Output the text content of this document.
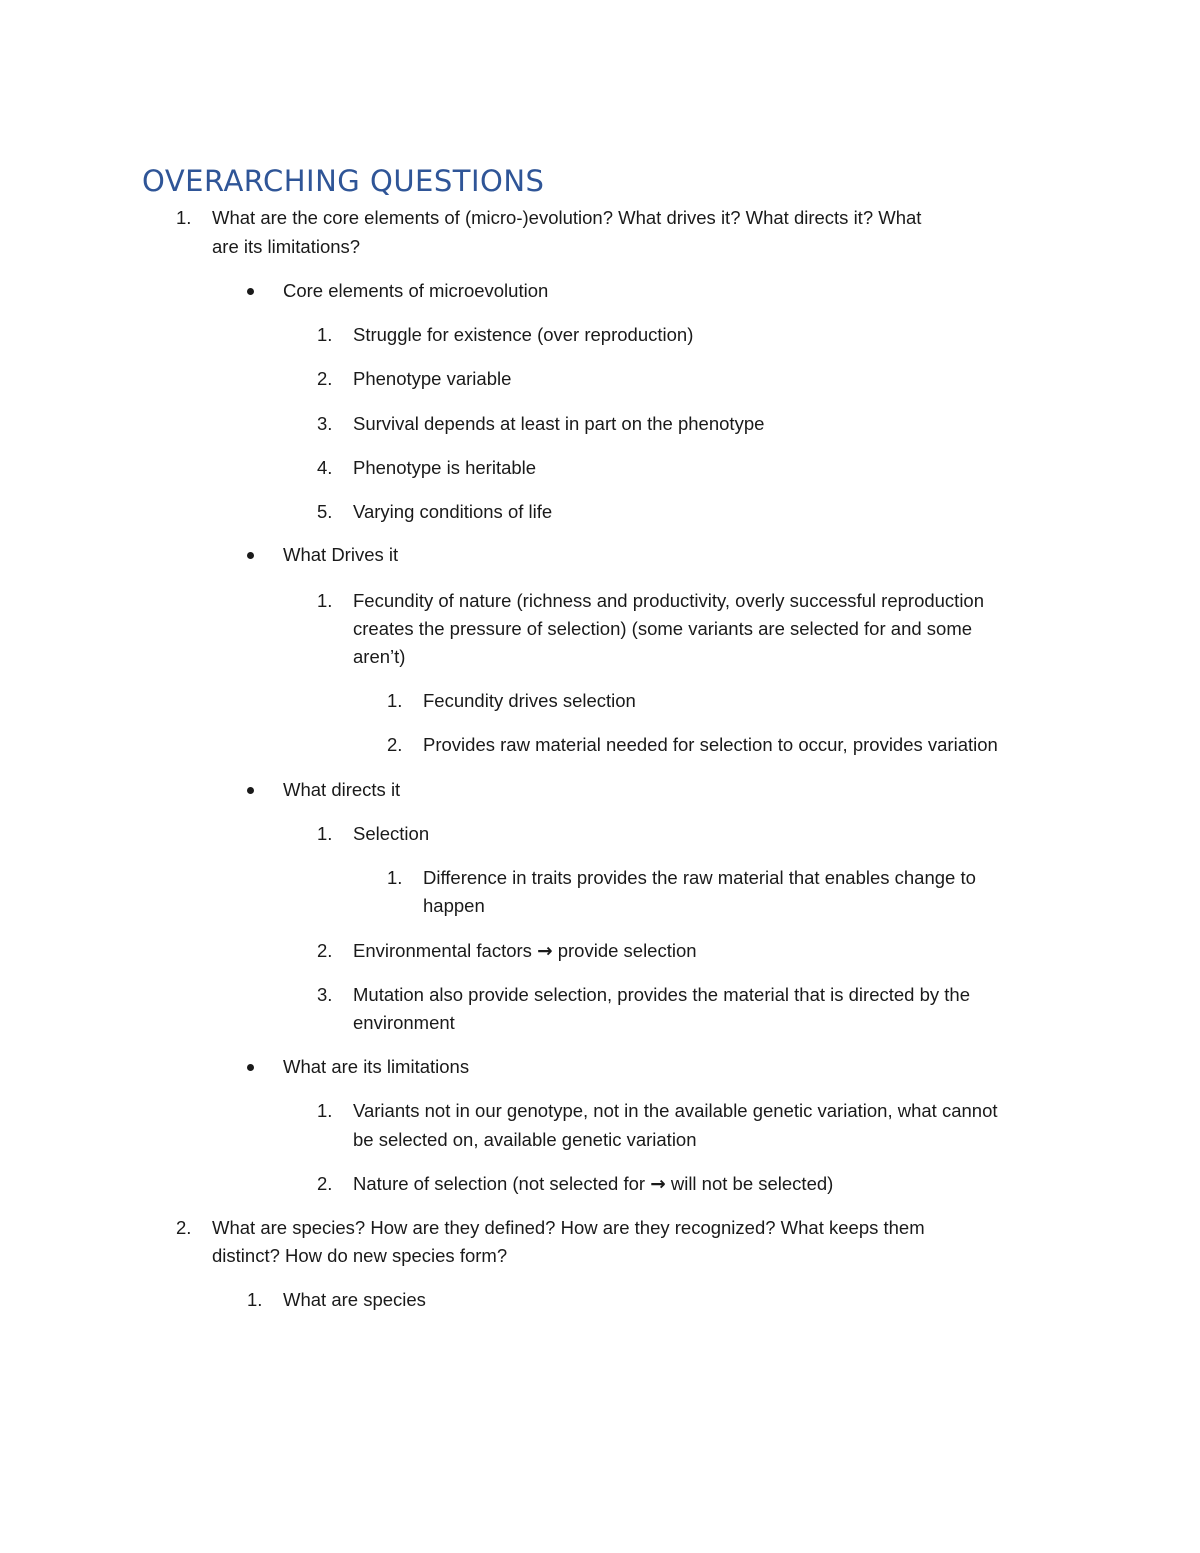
OVERARCHING QUESTIONS
1. What are the core elements of (micro-)evolution? What drives it? What directs it? What
are its limitations?
Core elements of microevolution
1. Struggle for existence (over reproduction)
2. Phenotype variable
3. Survival depends at least in part on the phenotype
4. Phenotype is heritable
5. Varying conditions of life
What Drives it
1. Fecundity of nature (richness and productivity, overly successful reproduction
creates the pressure of selection) (some variants are selected for and some
aren’t)
1. Fecundity drives selection
2. Provides raw material needed for selection to occur, provides variation
What directs it
1. Selection
1. Difference in traits provides the raw material that enables change to
happen
2. Environmental factors → provide selection
3. Mutation also provide selection, provides the material that is directed by the
environment
What are its limitations
1. Variants not in our genotype, not in the available genetic variation, what cannot
be selected on, available genetic variation
2. Nature of selection (not selected for → will not be selected)
2. What are species? How are they defined? How are they recognized? What keeps them
distinct? How do new species form?
1. What are species
